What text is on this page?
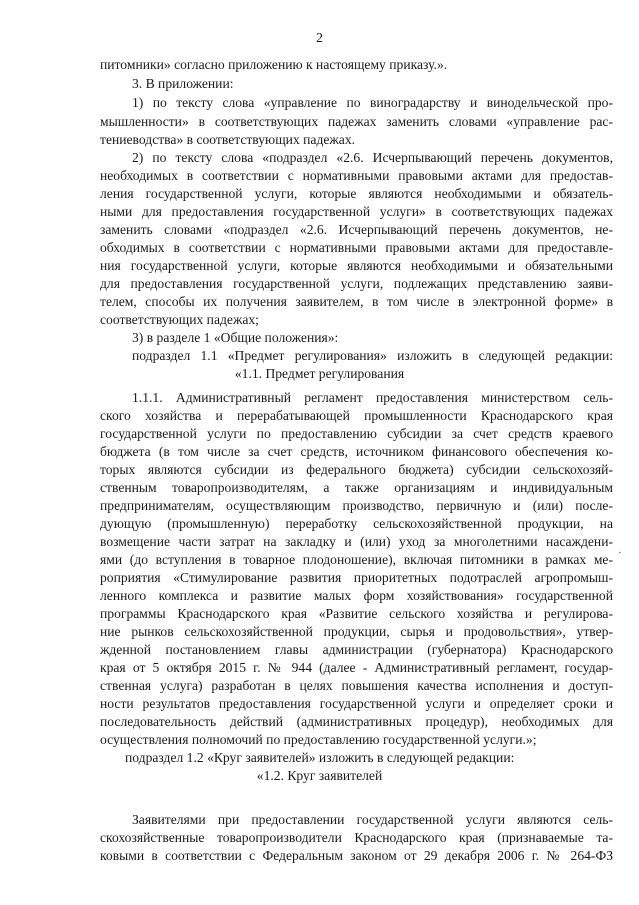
2
питомники» согласно приложению к настоящему приказу.».
3. В приложении:
1) по тексту слова «управление по виноградарству и винодельческой про-
мышленности» в соответствующих падежах заменить словами «управление рас-
тениеводства» в соответствующих падежах.
2) по тексту слова «подраздел «2.6. Исчерпывающий перечень документов,
необходимых в соответствии с нормативными правовыми актами для предостав-
ления государственной услуги, которые являются необходимыми и обязатель-
ными для предоставления государственной услуги» в соответствующих падежах
заменить словами «подраздел «2.6. Исчерпывающий перечень документов, не-
обходимых в соответствии с нормативными правовыми актами для предоставле-
ния государственной услуги, которые являются необходимыми и обязательными
для предоставления государственной услуги, подлежащих представлению заяви-
телем, способы их получения заявителем, в том числе в электронной форме» в
соответствующих падежах;
3) в разделе 1 «Общие положения»:
подраздел 1.1 «Предмет регулирования» изложить в следующей редакции:
«1.1. Предмет регулирования
1.1.1. Административный регламент предоставления министерством сель-
ского хозяйства и перерабатывающей промышленности Краснодарского края
государственной услуги по предоставлению субсидии за счет средств краевого
бюджета (в том числе за счет средств, источником финансового обеспечения ко-
торых являются субсидии из федерального бюджета) субсидии сельскохозяй-
ственным товаропроизводителям, а также организациям и индивидуальным
предпринимателям, осуществляющим производство, первичную и (или) после-
дующую (промышленную) переработку сельскохозяйственной продукции, на
возмещение части затрат на закладку и (или) уход за многолетними насаждени-
ями (до вступления в товарное плодоношение), включая питомники в рамках ме-
роприятия «Стимулирование развития приоритетных подотраслей агропромыш-
ленного комплекса и развитие малых форм хозяйствования» государственной
программы Краснодарского края «Развитие сельского хозяйства и регулирова-
ние рынков сельскохозяйственной продукции, сырья и продовольствия», утвер-
жденной постановлением главы администрации (губернатора) Краснодарского
края от 5 октября 2015 г. № 944 (далее - Административный регламент, государ-
ственная услуга) разработан в целях повышения качества исполнения и доступ-
ности результатов предоставления государственной услуги и определяет сроки и
последовательность действий (административных процедур), необходимых для
осуществления полномочий по предоставлению государственной услуги.»;
подраздел 1.2 «Круг заявителей» изложить в следующей редакции:
«1.2. Круг заявителей
Заявителями при предоставлении государственной услуги являются сель-
скохозяйственные товаропроизводители Краснодарского края (признаваемые та-
ковыми в соответствии с Федеральным законом от 29 декабря 2006 г. № 264-ФЗ
·
